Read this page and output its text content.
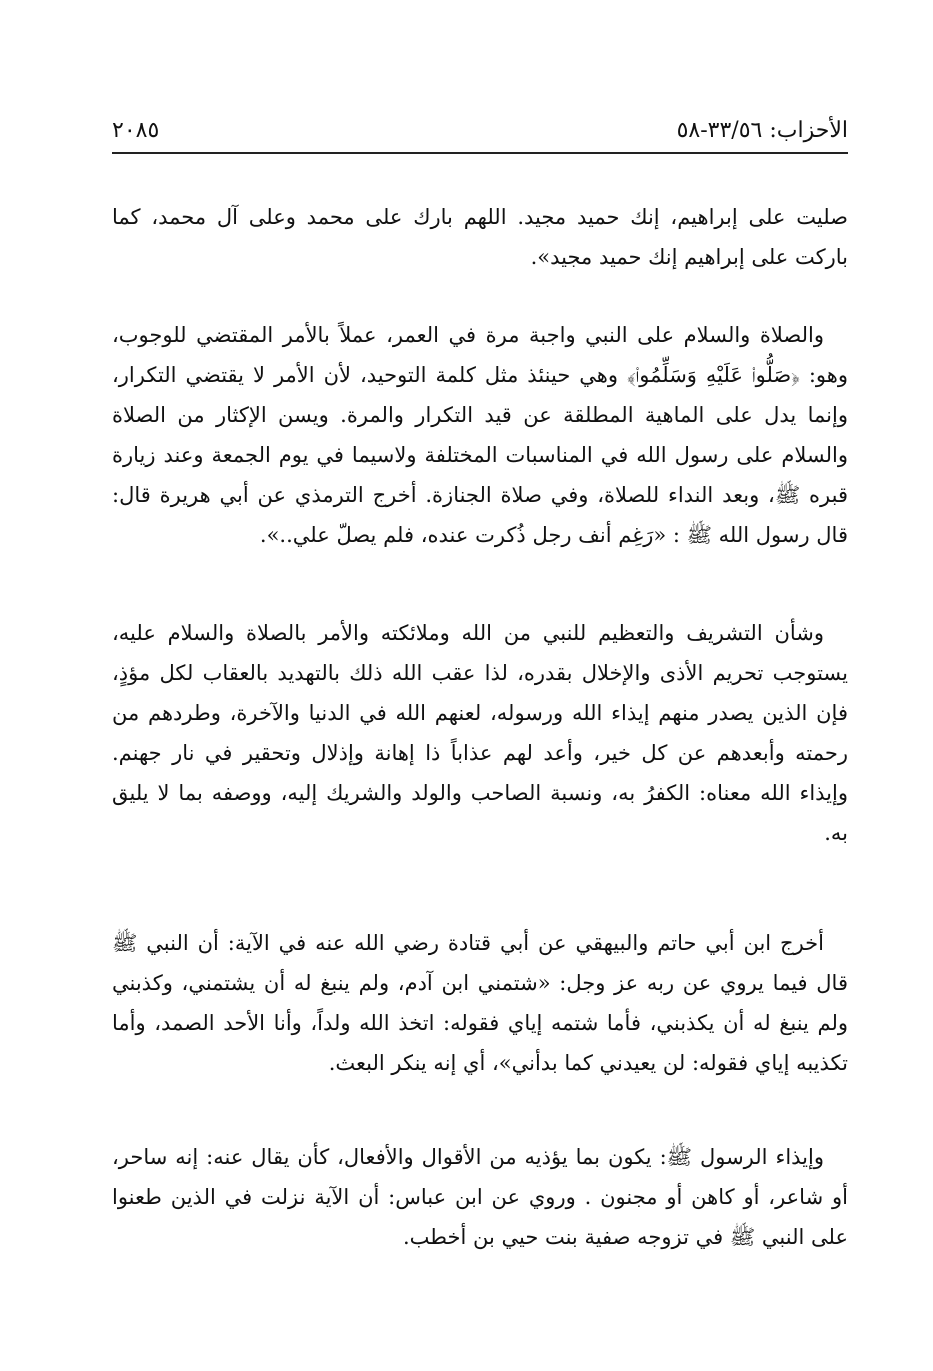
الأحزاب: ٣٣/٥٦-٥٨
٢٠٨٥

صليت على إبراهيم، إنك حميد مجيد. اللهم بارك على محمد وعلى آل محمد، كما باركت على إبراهيم إنك حميد مجيد».

والصلاة والسلام على النبي واجبة مرة في العمر، عملاً بالأمر المقتضي للوجوب، وهو: ﴿صَلُّوا۟ عَلَيْهِ وَسَلِّمُوا۟﴾ وهي حينئذ مثل كلمة التوحيد، لأن الأمر لا يقتضي التكرار، وإنما يدل على الماهية المطلقة عن قيد التكرار والمرة. ويسن الإكثار من الصلاة والسلام على رسول الله في المناسبات المختلفة ولاسيما في يوم الجمعة وعند زيارة قبره ﷺ، وبعد النداء للصلاة، وفي صلاة الجنازة. أخرج الترمذي عن أبي هريرة قال: قال رسول الله ﷺ : «رَغِم أنف رجل ذُكرت عنده، فلم يصلّ علي..».

وشأن التشريف والتعظيم للنبي من الله وملائكته والأمر بالصلاة والسلام عليه، يستوجب تحريم الأذى والإخلال بقدره، لذا عقب الله ذلك بالتهديد بالعقاب لكل مؤذٍ، فإن الذين يصدر منهم إيذاء الله ورسوله، لعنهم الله في الدنيا والآخرة، وطردهم من رحمته وأبعدهم عن كل خير، وأعد لهم عذاباً ذا إهانة وإذلال وتحقير في نار جهنم. وإيذاء الله معناه: الكفرُ به، ونسبة الصاحب والولد والشريك إليه، ووصفه بما لا يليق به.

أخرج ابن أبي حاتم والبيهقي عن أبي قتادة رضي الله عنه في الآية: أن النبي ﷺ قال فيما يروي عن ربه عز وجل: «شتمني ابن آدم، ولم ينبغ له أن يشتمني، وكذبني ولم ينبغ له أن يكذبني، فأما شتمه إياي فقوله: اتخذ الله ولداً، وأنا الأحد الصمد، وأما تكذيبه إياي فقوله: لن يعيدني كما بدأني»، أي إنه ينكر البعث.

وإيذاء الرسول ﷺ: يكون بما يؤذيه من الأقوال والأفعال، كأن يقال عنه: إنه ساحر، أو شاعر، أو كاهن أو مجنون . وروي عن ابن عباس: أن الآية نزلت في الذين طعنوا على النبي ﷺ في تزوجه صفية بنت حيي بن أخطب.
